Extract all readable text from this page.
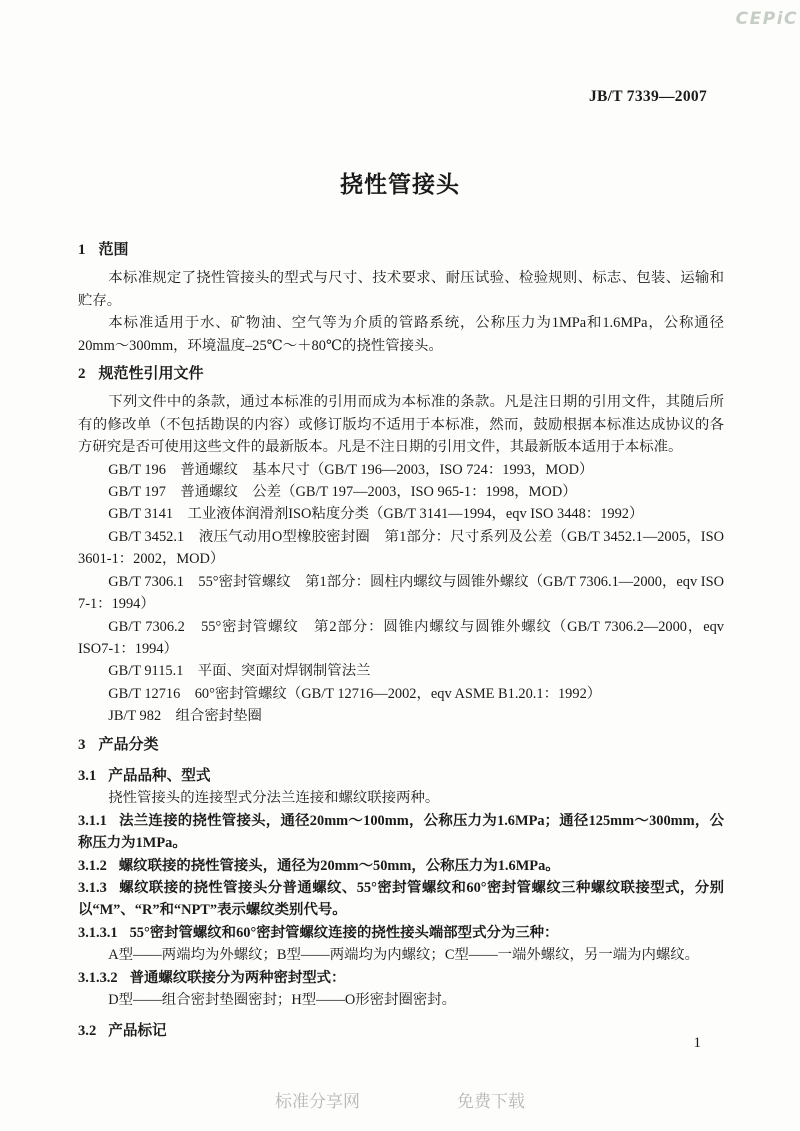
CEPiC
JB/T 7339—2007
挠性管接头

1 范围

本标准规定了挠性管接头的型式与尺寸、技术要求、耐压试验、检验规则、标志、包装、运输和贮存。

本标准适用于水、矿物油、空气等为介质的管路系统，公称压力为1MPa和1.6MPa，公称通径20mm～300mm，环境温度–25℃～＋80℃的挠性管接头。

2 规范性引用文件

下列文件中的条款，通过本标准的引用而成为本标准的条款。凡是注日期的引用文件，其随后所有的修改单（不包括勘误的内容）或修订版均不适用于本标准，然而，鼓励根据本标准达成协议的各方研究是否可使用这些文件的最新版本。凡是不注日期的引用文件，其最新版本适用于本标准。

GB/T 196　普通螺纹　基本尺寸（GB/T 196—2003，ISO 724：1993，MOD）

GB/T 197　普通螺纹　公差（GB/T 197—2003，ISO 965-1：1998，MOD）

GB/T 3141　工业液体润滑剂ISO粘度分类（GB/T 3141—1994，eqv ISO 3448：1992）

GB/T 3452.1　液压气动用O型橡胶密封圈　第1部分：尺寸系列及公差（GB/T 3452.1—2005，ISO 3601-1：2002，MOD）

GB/T 7306.1　55°密封管螺纹　第1部分：圆柱内螺纹与圆锥外螺纹（GB/T 7306.1—2000，eqv ISO 7-1：1994）

GB/T 7306.2　55°密封管螺纹　第2部分：圆锥内螺纹与圆锥外螺纹（GB/T 7306.2—2000，eqv ISO7-1：1994）

GB/T 9115.1　平面、突面对焊钢制管法兰

GB/T 12716　60°密封管螺纹（GB/T 12716—2002，eqv ASME B1.20.1：1992）

JB/T 982　组合密封垫圈

3 产品分类

3.1 产品品种、型式

挠性管接头的连接型式分法兰连接和螺纹联接两种。

3.1.1 法兰连接的挠性管接头，通径20mm～100mm，公称压力为1.6MPa；通径125mm～300mm，公称压力为1MPa。

3.1.2 螺纹联接的挠性管接头，通径为20mm～50mm，公称压力为1.6MPa。

3.1.3 螺纹联接的挠性管接头分普通螺纹、55°密封管螺纹和60°密封管螺纹三种螺纹联接型式，分别以“M”、“R”和“NPT”表示螺纹类别代号。

3.1.3.1 55°密封管螺纹和60°密封管螺纹连接的挠性接头端部型式分为三种：

A型——两端均为外螺纹；B型——两端均为内螺纹；C型——一端外螺纹，另一端为内螺纹。

3.1.3.2 普通螺纹联接分为两种密封型式：

D型——组合密封垫圈密封；H型——O形密封圈密封。

3.2 产品标记

1
标准分享网	免费下载
